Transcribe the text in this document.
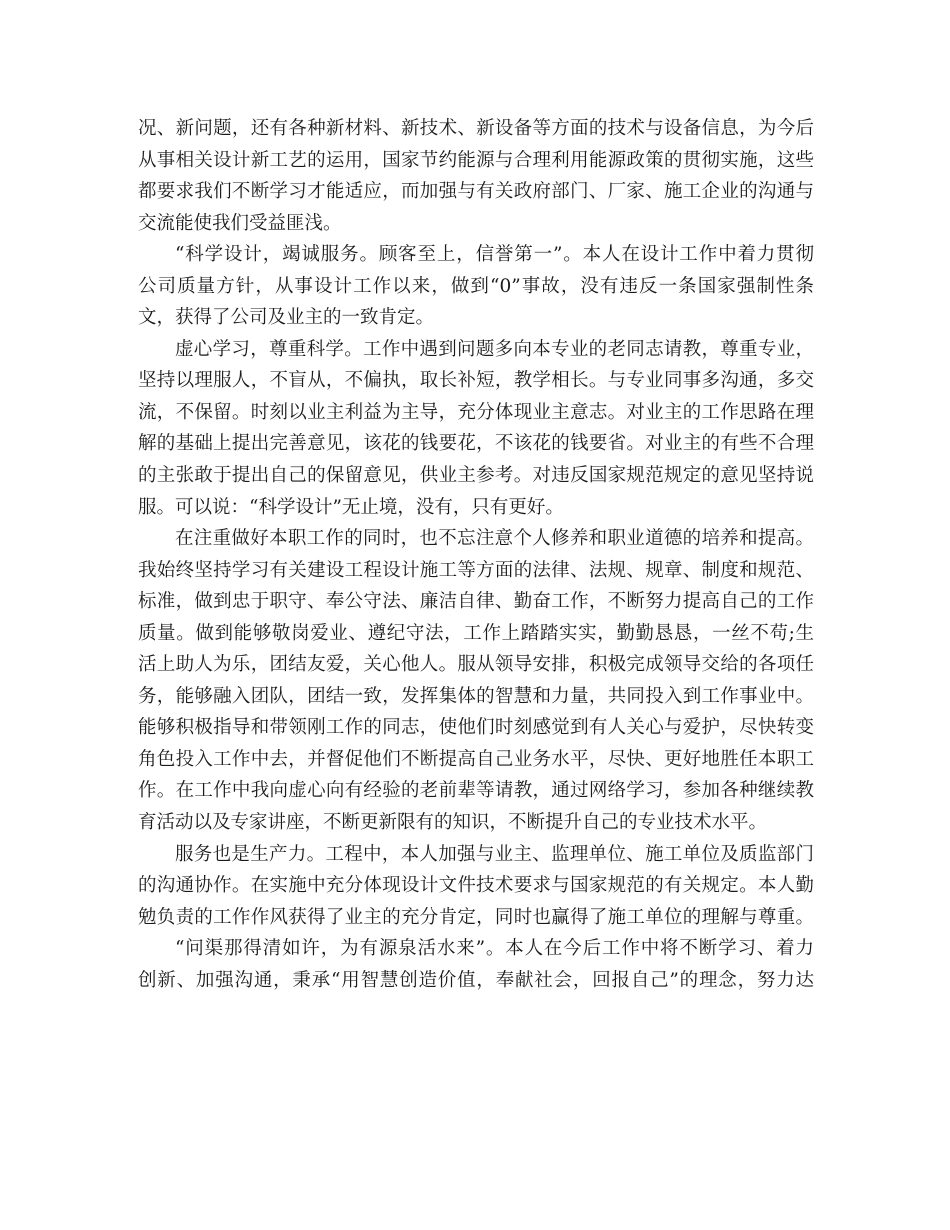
况、新问题，还有各种新材料、新技术、新设备等方面的技术与设备信息，为今后
从事相关设计新工艺的运用，国家节约能源与合理利用能源政策的贯彻实施，这些
都要求我们不断学习才能适应，而加强与有关政府部门、厂家、施工企业的沟通与
交流能使我们受益匪浅。
“科学设计，竭诚服务。顾客至上，信誉第一”。本人在设计工作中着力贯彻
公司质量方针，从事设计工作以来，做到“0”事故，没有违反一条国家强制性条
文，获得了公司及业主的一致肯定。
虚心学习，尊重科学。工作中遇到问题多向本专业的老同志请教，尊重专业，
坚持以理服人，不盲从，不偏执，取长补短，教学相长。与专业同事多沟通，多交
流，不保留。时刻以业主利益为主导，充分体现业主意志。对业主的工作思路在理
解的基础上提出完善意见，该花的钱要花，不该花的钱要省。对业主的有些不合理
的主张敢于提出自己的保留意见，供业主参考。对违反国家规范规定的意见坚持说
服。可以说：“科学设计”无止境，没有，只有更好。
在注重做好本职工作的同时，也不忘注意个人修养和职业道德的培养和提高。
我始终坚持学习有关建设工程设计施工等方面的法律、法规、规章、制度和规范、
标准，做到忠于职守、奉公守法、廉洁自律、勤奋工作，不断努力提高自己的工作
质量。做到能够敬岗爱业、遵纪守法，工作上踏踏实实，勤勤恳恳，一丝不苟;生
活上助人为乐，团结友爱，关心他人。服从领导安排，积极完成领导交给的各项任
务，能够融入团队，团结一致，发挥集体的智慧和力量，共同投入到工作事业中。
能够积极指导和带领刚工作的同志，使他们时刻感觉到有人关心与爱护，尽快转变
角色投入工作中去，并督促他们不断提高自己业务水平，尽快、更好地胜任本职工
作。在工作中我向虚心向有经验的老前辈等请教，通过网络学习，参加各种继续教
育活动以及专家讲座，不断更新限有的知识，不断提升自己的专业技术水平。
服务也是生产力。工程中，本人加强与业主、监理单位、施工单位及质监部门
的沟通协作。在实施中充分体现设计文件技术要求与国家规范的有关规定。本人勤
勉负责的工作作风获得了业主的充分肯定，同时也赢得了施工单位的理解与尊重。
“问渠那得清如许，为有源泉活水来”。本人在今后工作中将不断学习、着力
创新、加强沟通，秉承“用智慧创造价值，奉献社会，回报自己”的理念，努力达
